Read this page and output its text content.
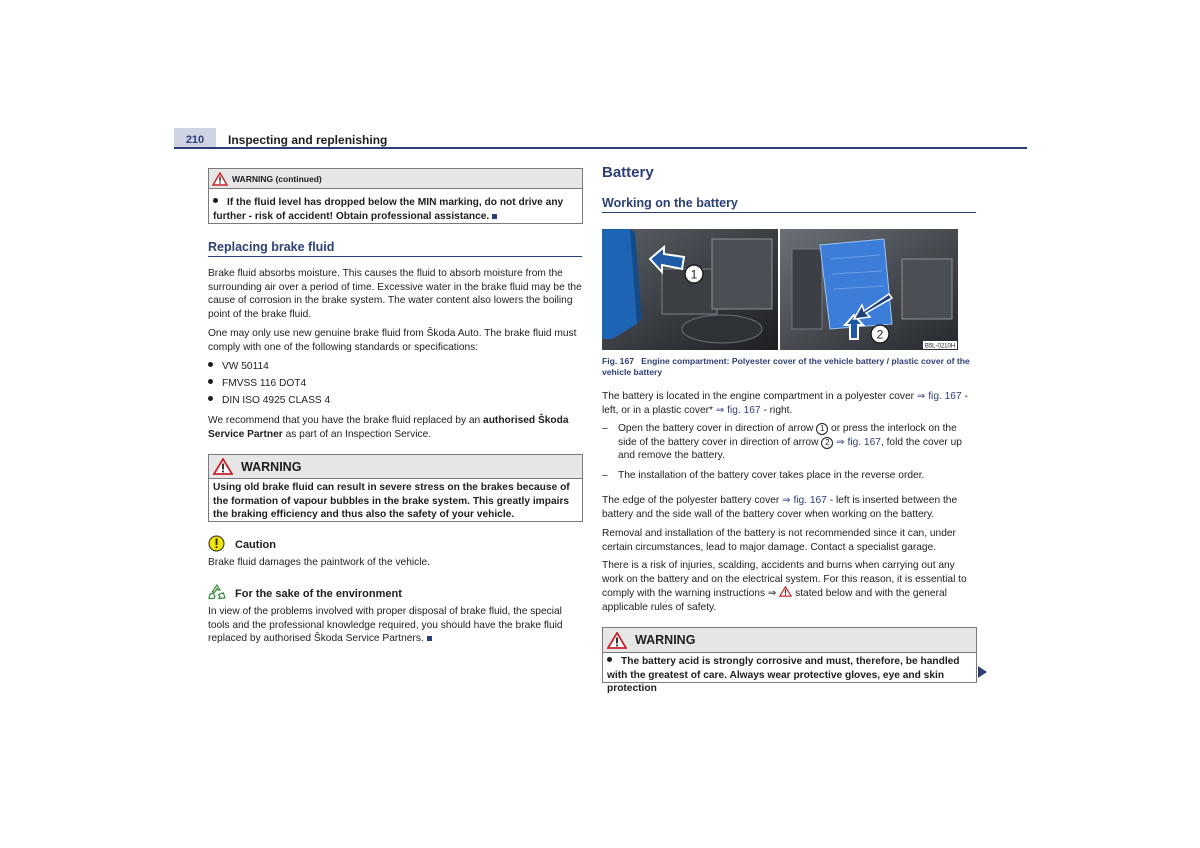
210	Inspecting and replenishing
WARNING (continued)
If the fluid level has dropped below the MIN marking, do not drive any further - risk of accident! Obtain professional assistance.
Replacing brake fluid

Brake fluid absorbs moisture. This causes the fluid to absorb moisture from the surrounding air over a period of time. Excessive water in the brake fluid may be the cause of corrosion in the brake system. The water content also lowers the boiling point of the brake fluid.

One may only use new genuine brake fluid from Škoda Auto. The brake fluid must comply with one of the following standards or specifications:

VW 50114
FMVSS 116 DOT4
DIN ISO 4925 CLASS 4

We recommend that you have the brake fluid replaced by an authorised Škoda Service Partner as part of an Inspection Service.

WARNING
Using old brake fluid can result in severe stress on the brakes because of the formation of vapour bubbles in the brake system. This greatly impairs the braking efficiency and thus also the safety of your vehicle.
Caution

Brake fluid damages the paintwork of the vehicle.

For the sake of the environment

In view of the problems involved with proper disposal of brake fluid, the special tools and the professional knowledge required, you should have the brake fluid replaced by authorised Škoda Service Partners.

Battery
Working on the battery
1
2
B5L-0210H

Fig. 167 Engine compartment: Polyester cover of the vehicle battery / plastic cover of the vehicle battery

The battery is located in the engine compartment in a polyester cover ⇒ fig. 167 - left, or in a plastic cover* ⇒ fig. 167 - right.

–	Open the battery cover in direction of arrow 1 or press the interlock on the side of the battery cover in direction of arrow 2 ⇒ fig. 167, fold the cover up and remove the battery.
–	The installation of the battery cover takes place in the reverse order.

The edge of the polyester battery cover ⇒ fig. 167 - left is inserted between the battery and the side wall of the battery cover when working on the battery.

Removal and installation of the battery is not recommended since it can, under certain circumstances, lead to major damage. Contact a specialist garage.

There is a risk of injuries, scalding, accidents and burns when carrying out any work on the battery and on the electrical system. For this reason, it is essential to comply with the warning instructions ⇒  stated below and with the general applicable rules of safety.

WARNING
The battery acid is strongly corrosive and must, therefore, be handled with the greatest of care. Always wear protective gloves, eye and skin protection
